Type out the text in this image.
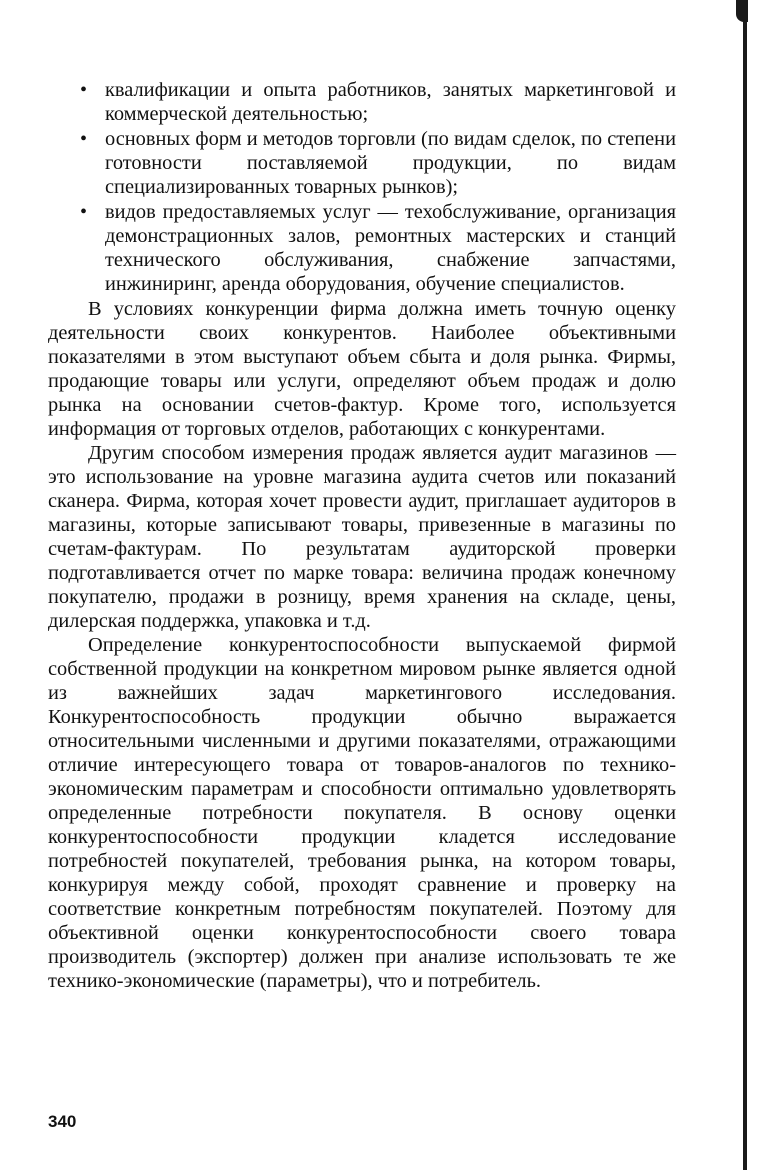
• квалификации и опыта работников, занятых маркетинговой и коммерческой деятельностью;
• основных форм и методов торговли (по видам сделок, по степени готовности поставляемой продукции, по видам специализированных товарных рынков);
• видов предоставляемых услуг — техобслуживание, организация демонстрационных залов, ремонтных мастерских и станций технического обслуживания, снабжение запчастями, инжиниринг, аренда оборудования, обучение специалистов.

В условиях конкуренции фирма должна иметь точную оценку деятельности своих конкурентов. Наиболее объективными показателями в этом выступают объем сбыта и доля рынка. Фирмы, продающие товары или услуги, определяют объем продаж и долю рынка на основании счетов-фактур. Кроме того, используется информация от торговых отделов, работающих с конкурентами.

Другим способом измерения продаж является аудит магазинов — это использование на уровне магазина аудита счетов или показаний сканера. Фирма, которая хочет провести аудит, приглашает аудиторов в магазины, которые записывают товары, привезенные в магазины по счетам-фактурам. По результатам аудиторской проверки подготавливается отчет по марке товара: величина продаж конечному покупателю, продажи в розницу, время хранения на складе, цены, дилерская поддержка, упаковка и т.д.

Определение конкурентоспособности выпускаемой фирмой собственной продукции на конкретном мировом рынке является одной из важнейших задач маркетингового исследования. Конкурентоспособность продукции обычно выражается относительными численными и другими показателями, отражающими отличие интересующего товара от товаров-аналогов по технико-экономическим параметрам и способности оптимально удовлетворять определенные потребности покупателя. В основу оценки конкурентоспособности продукции кладется исследование потребностей покупателей, требования рынка, на котором товары, конкурируя между собой, проходят сравнение и проверку на соответствие конкретным потребностям покупателей. Поэтому для объективной оценки конкурентоспособности своего товара производитель (экспортер) должен при анализе использовать те же технико-экономические (параметры), что и потребитель.

340
